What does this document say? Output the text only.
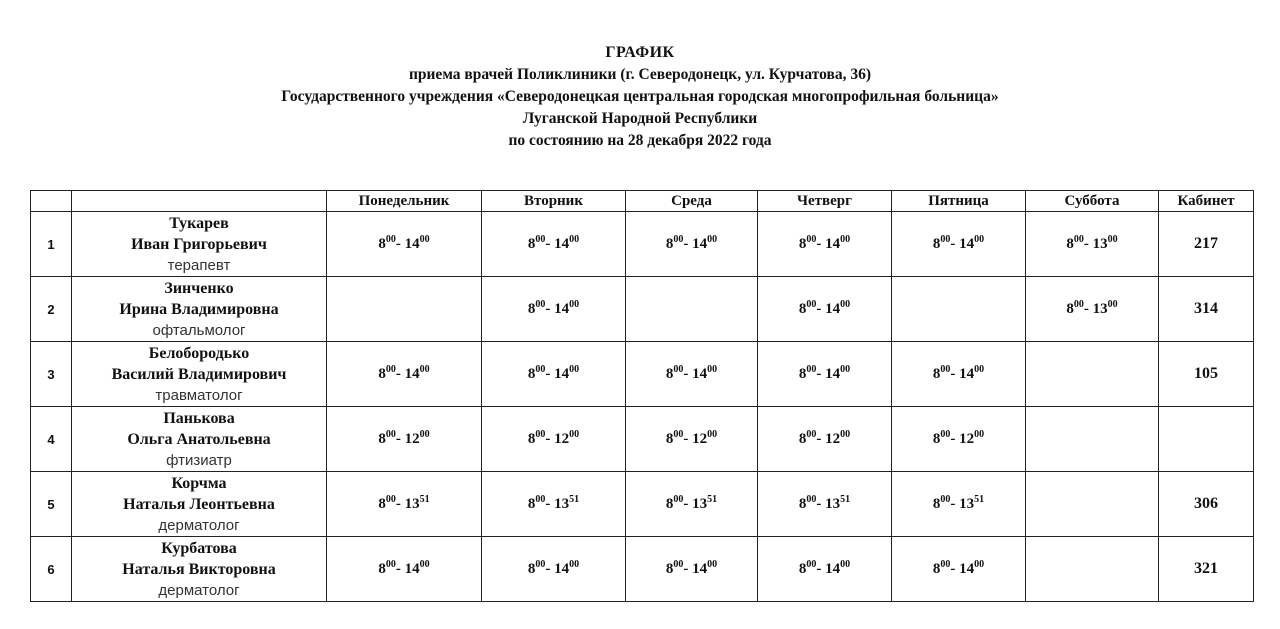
ГРАФИК
приема врачей Поликлиники (г. Северодонецк, ул. Курчатова, 36)
Государственного учреждения «Северодонецкая центральная городская многопрофильная больница»
Луганской Народной Республики
по состоянию на 28 декабря 2022 года
		Понедельник	Вторник	Среда	Четверг	Пятница	Суббота	Кабинет
1	Тукарев
Иван Григорьевич
терапевт	$8^{00}-$ $14^{00}$	$8^{00}-$ $14^{00}$	$8^{00}-$ $14^{00}$	$8^{00}-$ $14^{00}$	$8^{00}-$ $14^{00}$	$8^{00}-$ $13^{00}$	217
2	Зинченко
Ирина Владимировна
офтальмолог		$8^{00}-$ $14^{00}$		$8^{00}-$ $14^{00}$		$8^{00}-$ $13^{00}$	314
3	Белобородько
Василий Владимирович
травматолог	$8^{00}-$ $14^{00}$	$8^{00}-$ $14^{00}$	$8^{00}-$ $14^{00}$	$8^{00}-$ $14^{00}$	$8^{00}-$ $14^{00}$		105
4	Панькова
Ольга Анатольевна
фтизиатр	$8^{00}-$ $12^{00}$	$8^{00}-$ $12^{00}$	$8^{00}-$ $12^{00}$	$8^{00}-$ $12^{00}$	$8^{00}-$ $12^{00}$		
5	Корчма
Наталья Леонтьевна
дерматолог	$8^{00}-$ $13^{51}$	$8^{00}-$ $13^{51}$	$8^{00}-$ $13^{51}$	$8^{00}-$ $13^{51}$	$8^{00}-$ $13^{51}$		306
6	Курбатова
Наталья Викторовна
дерматолог	$8^{00}-$ $14^{00}$	$8^{00}-$ $14^{00}$	$8^{00}-$ $14^{00}$	$8^{00}-$ $14^{00}$	$8^{00}-$ $14^{00}$		321
